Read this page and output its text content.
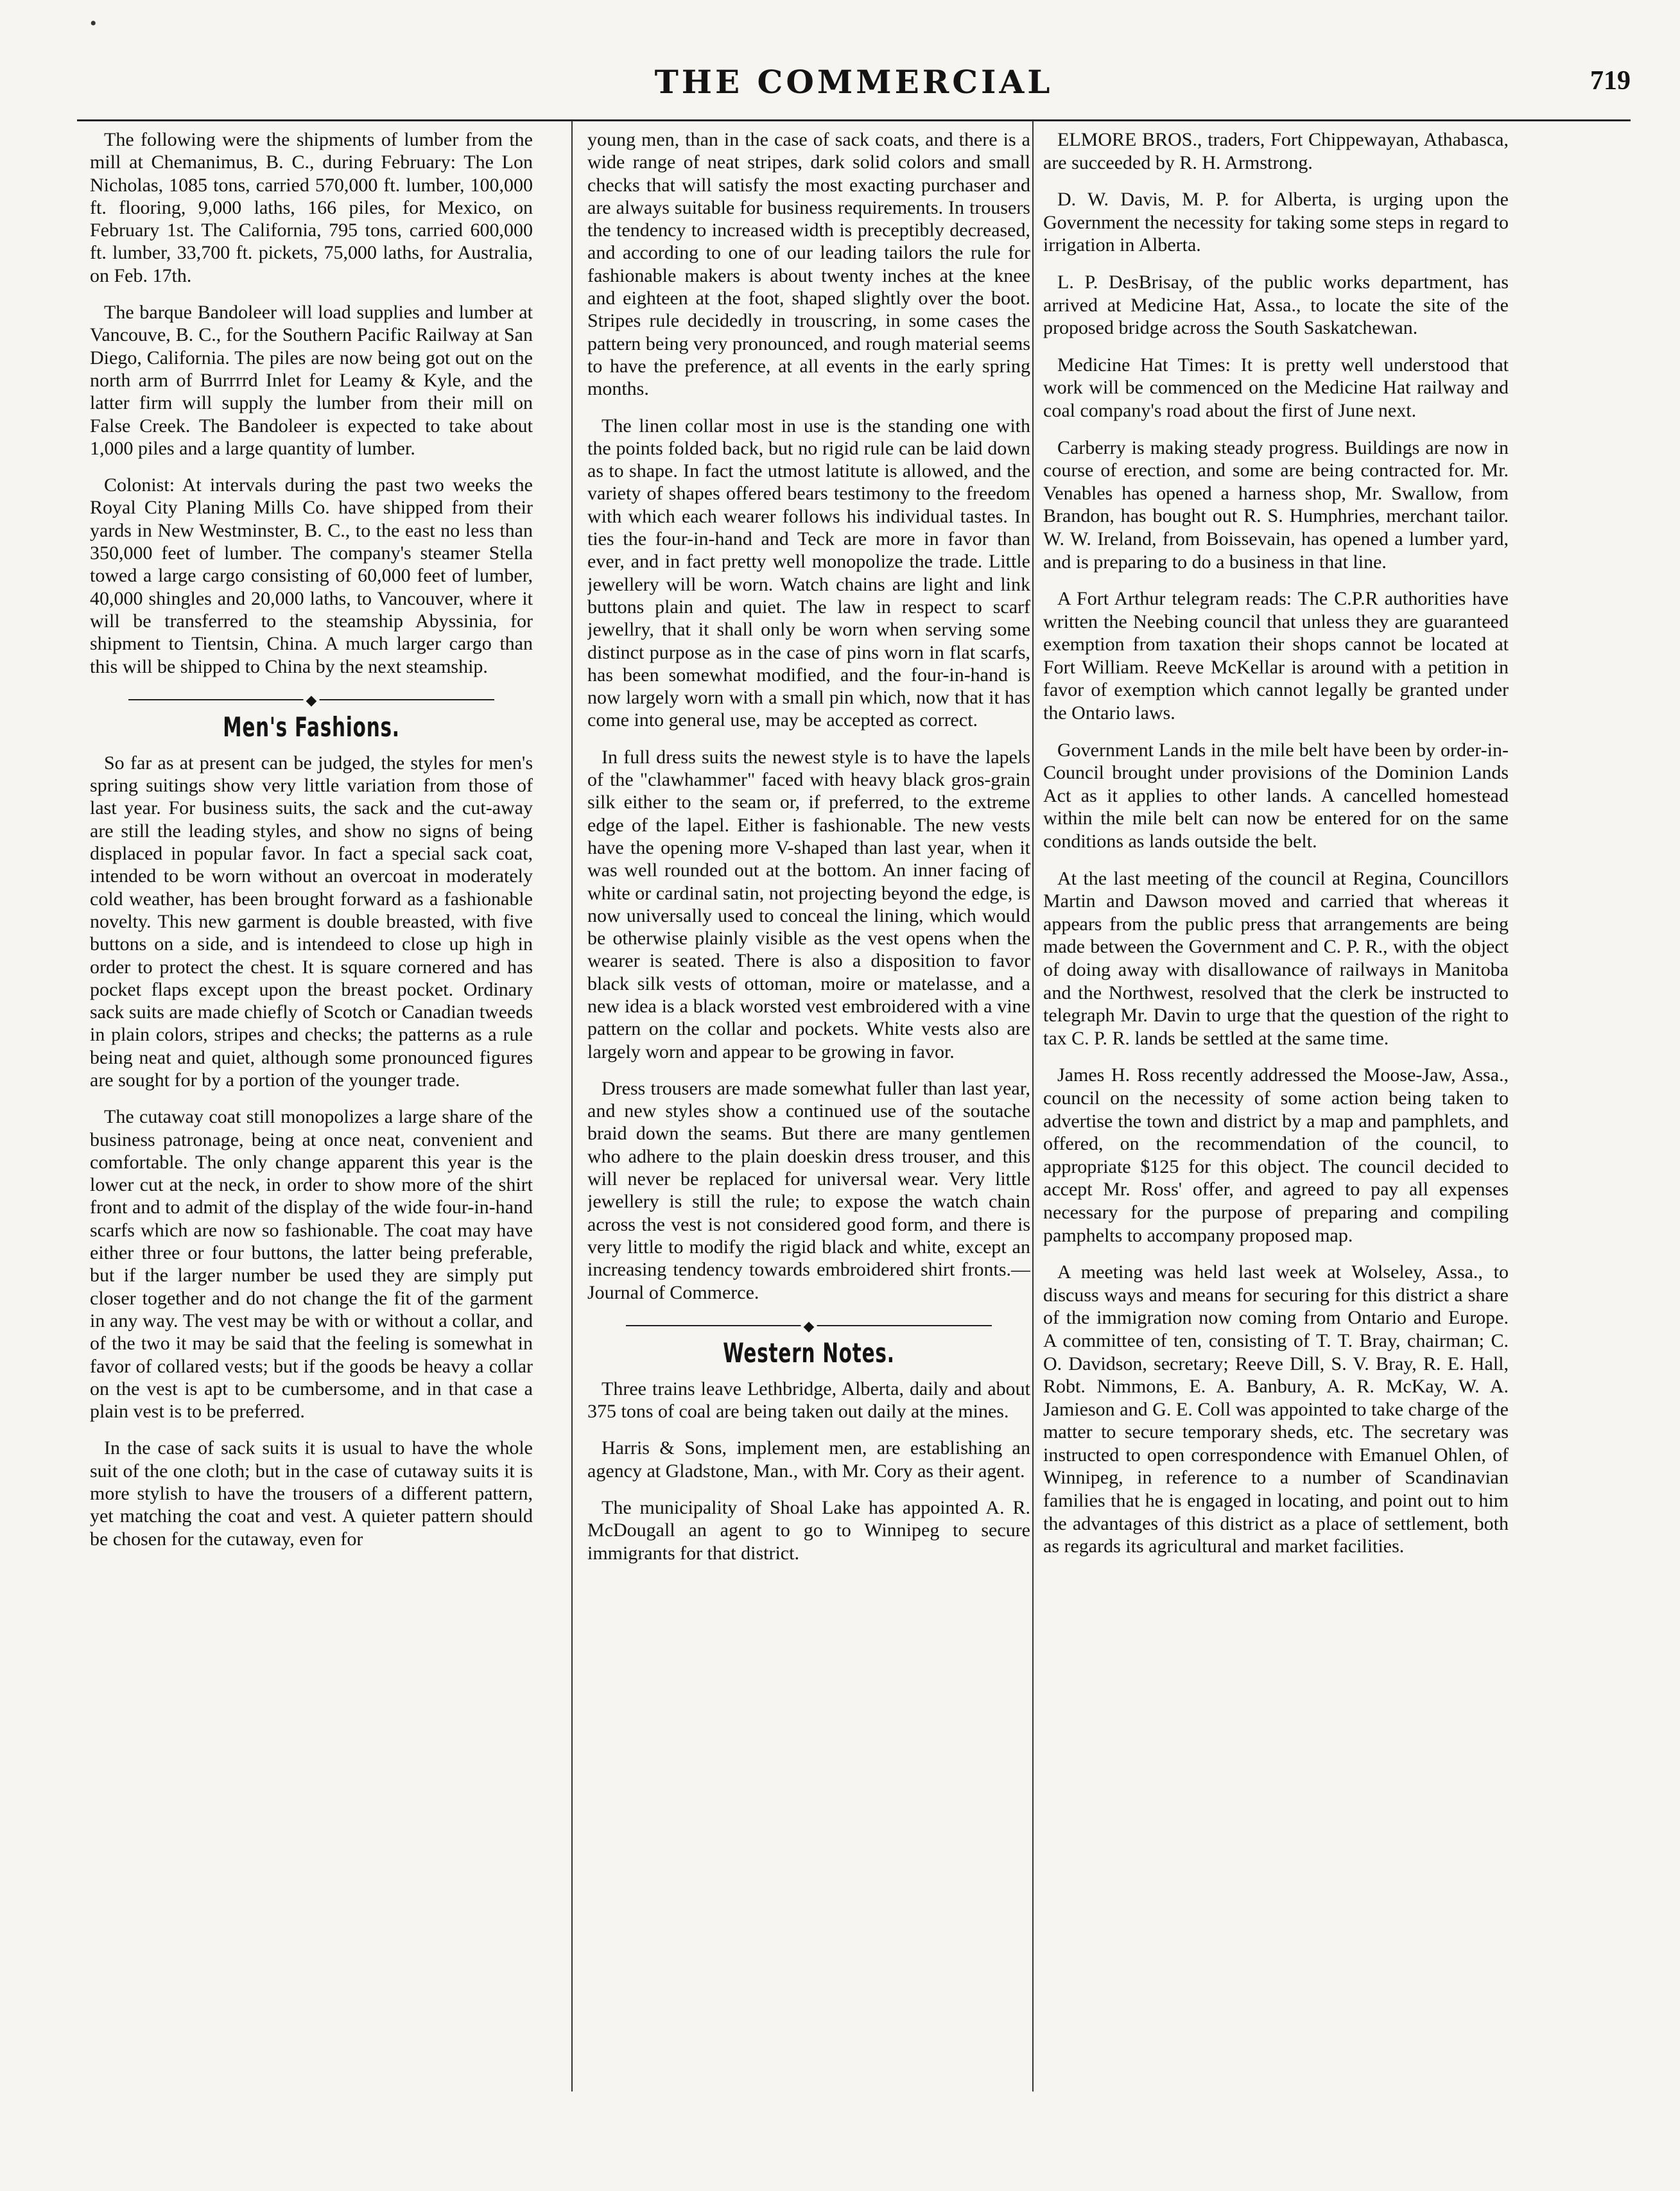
THE COMMERCIAL	719
•

The following were the shipments of lumber from the mill at Chemanimus, B. C., during February: The Lon Nicholas, 1085 tons, carried 570,000 ft. lumber, 100,000 ft. flooring, 9,000 laths, 166 piles, for Mexico, on February 1st. The California, 795 tons, carried 600,000 ft. lumber, 33,700 ft. pickets, 75,000 laths, for Australia, on Feb. 17th.

The barque Bandoleer will load supplies and lumber at Vancouve, B. C., for the Southern Pacific Railway at San Diego, California. The piles are now being got out on the north arm of Burrrrd Inlet for Leamy & Kyle, and the latter firm will supply the lumber from their mill on False Creek. The Bandoleer is expected to take about 1,000 piles and a large quantity of lumber.

Colonist: At intervals during the past two weeks the Royal City Planing Mills Co. have shipped from their yards in New Westminster, B. C., to the east no less than 350,000 feet of lumber. The company's steamer Stella towed a large cargo consisting of 60,000 feet of lumber, 40,000 shingles and 20,000 laths, to Vancouver, where it will be transferred to the steamship Abyssinia, for shipment to Tientsin, China. A much larger cargo than this will be shipped to China by the next steamship.

◆
Men's Fashions.

So far as at present can be judged, the styles for men's spring suitings show very little variation from those of last year. For business suits, the sack and the cut-away are still the leading styles, and show no signs of being displaced in popular favor. In fact a special sack coat, intended to be worn without an overcoat in moderately cold weather, has been brought forward as a fashionable novelty. This new garment is double breasted, with five buttons on a side, and is intendeed to close up high in order to protect the chest. It is square cornered and has pocket flaps except upon the breast pocket. Ordinary sack suits are made chiefly of Scotch or Canadian tweeds in plain colors, stripes and checks; the patterns as a rule being neat and quiet, although some pronounced figures are sought for by a portion of the younger trade.

The cutaway coat still monopolizes a large share of the business patronage, being at once neat, convenient and comfortable. The only change apparent this year is the lower cut at the neck, in order to show more of the shirt front and to admit of the display of the wide four-in-hand scarfs which are now so fashionable. The coat may have either three or four buttons, the latter being preferable, but if the larger number be used they are simply put closer together and do not change the fit of the garment in any way. The vest may be with or without a collar, and of the two it may be said that the feeling is somewhat in favor of collared vests; but if the goods be heavy a collar on the vest is apt to be cumbersome, and in that case a plain vest is to be preferred.

In the case of sack suits it is usual to have the whole suit of the one cloth; but in the case of cutaway suits it is more stylish to have the trousers of a different pattern, yet matching the coat and vest. A quieter pattern should be chosen for the cutaway, even for

young men, than in the case of sack coats, and there is a wide range of neat stripes, dark solid colors and small checks that will satisfy the most exacting purchaser and are always suitable for business requirements. In trousers the tendency to increased width is preceptibly decreased, and according to one of our leading tailors the rule for fashionable makers is about twenty inches at the knee and eighteen at the foot, shaped slightly over the boot. Stripes rule decidedly in trouscring, in some cases the pattern being very pronounced, and rough material seems to have the preference, at all events in the early spring months.

The linen collar most in use is the standing one with the points folded back, but no rigid rule can be laid down as to shape. In fact the utmost latitute is allowed, and the variety of shapes offered bears testimony to the freedom with which each wearer follows his individual tastes. In ties the four-in-hand and Teck are more in favor than ever, and in fact pretty well monopolize the trade. Little jewellery will be worn. Watch chains are light and link buttons plain and quiet. The law in respect to scarf jewellry, that it shall only be worn when serving some distinct purpose as in the case of pins worn in flat scarfs, has been somewhat modified, and the four-in-hand is now largely worn with a small pin which, now that it has come into general use, may be accepted as correct.

In full dress suits the newest style is to have the lapels of the "clawhammer" faced with heavy black gros-grain silk either to the seam or, if preferred, to the extreme edge of the lapel. Either is fashionable. The new vests have the opening more V-shaped than last year, when it was well rounded out at the bottom. An inner facing of white or cardinal satin, not projecting beyond the edge, is now universally used to conceal the lining, which would be otherwise plainly visible as the vest opens when the wearer is seated. There is also a disposition to favor black silk vests of ottoman, moire or matelasse, and a new idea is a black worsted vest embroidered with a vine pattern on the collar and pockets. White vests also are largely worn and appear to be growing in favor.

Dress trousers are made somewhat fuller than last year, and new styles show a continued use of the soutache braid down the seams. But there are many gentlemen who adhere to the plain doeskin dress trouser, and this will never be replaced for universal wear. Very little jewellery is still the rule; to expose the watch chain across the vest is not considered good form, and there is very little to modify the rigid black and white, except an increasing tendency towards embroidered shirt fronts.—Journal of Commerce.

◆
Western Notes.

Three trains leave Lethbridge, Alberta, daily and about 375 tons of coal are being taken out daily at the mines.

Harris & Sons, implement men, are establishing an agency at Gladstone, Man., with Mr. Cory as their agent.

The municipality of Shoal Lake has appointed A. R. McDougall an agent to go to Winnipeg to secure immigrants for that district.

ELMORE BROS., traders, Fort Chippewayan, Athabasca, are succeeded by R. H. Armstrong.

D. W. Davis, M. P. for Alberta, is urging upon the Government the necessity for taking some steps in regard to irrigation in Alberta.

L. P. DesBrisay, of the public works department, has arrived at Medicine Hat, Assa., to locate the site of the proposed bridge across the South Saskatchewan.

Medicine Hat Times: It is pretty well understood that work will be commenced on the Medicine Hat railway and coal company's road about the first of June next.

Carberry is making steady progress. Buildings are now in course of erection, and some are being contracted for. Mr. Venables has opened a harness shop, Mr. Swallow, from Brandon, has bought out R. S. Humphries, merchant tailor. W. W. Ireland, from Boissevain, has opened a lumber yard, and is preparing to do a business in that line.

A Fort Arthur telegram reads: The C.P.R authorities have written the Neebing council that unless they are guaranteed exemption from taxation their shops cannot be located at Fort William. Reeve McKellar is around with a petition in favor of exemption which cannot legally be granted under the Ontario laws.

Government Lands in the mile belt have been by order-in-Council brought under provisions of the Dominion Lands Act as it applies to other lands. A cancelled homestead within the mile belt can now be entered for on the same conditions as lands outside the belt.

At the last meeting of the council at Regina, Councillors Martin and Dawson moved and carried that whereas it appears from the public press that arrangements are being made between the Government and C. P. R., with the object of doing away with disallowance of railways in Manitoba and the Northwest, resolved that the clerk be instructed to telegraph Mr. Davin to urge that the question of the right to tax C. P. R. lands be settled at the same time.

James H. Ross recently addressed the Moose-Jaw, Assa., council on the necessity of some action being taken to advertise the town and district by a map and pamphlets, and offered, on the recommendation of the council, to appropriate $125 for this object. The council decided to accept Mr. Ross' offer, and agreed to pay all expenses necessary for the purpose of preparing and compiling pamphelts to accompany proposed map.

A meeting was held last week at Wolseley, Assa., to discuss ways and means for securing for this district a share of the immigration now coming from Ontario and Europe. A committee of ten, consisting of T. T. Bray, chairman; C. O. Davidson, secretary; Reeve Dill, S. V. Bray, R. E. Hall, Robt. Nimmons, E. A. Banbury, A. R. McKay, W. A. Jamieson and G. E. Coll was appointed to take charge of the matter to secure temporary sheds, etc. The secretary was instructed to open correspondence with Emanuel Ohlen, of Winnipeg, in reference to a number of Scandinavian families that he is engaged in locating, and point out to him the advantages of this district as a place of settlement, both as regards its agricultural and market facilities.
